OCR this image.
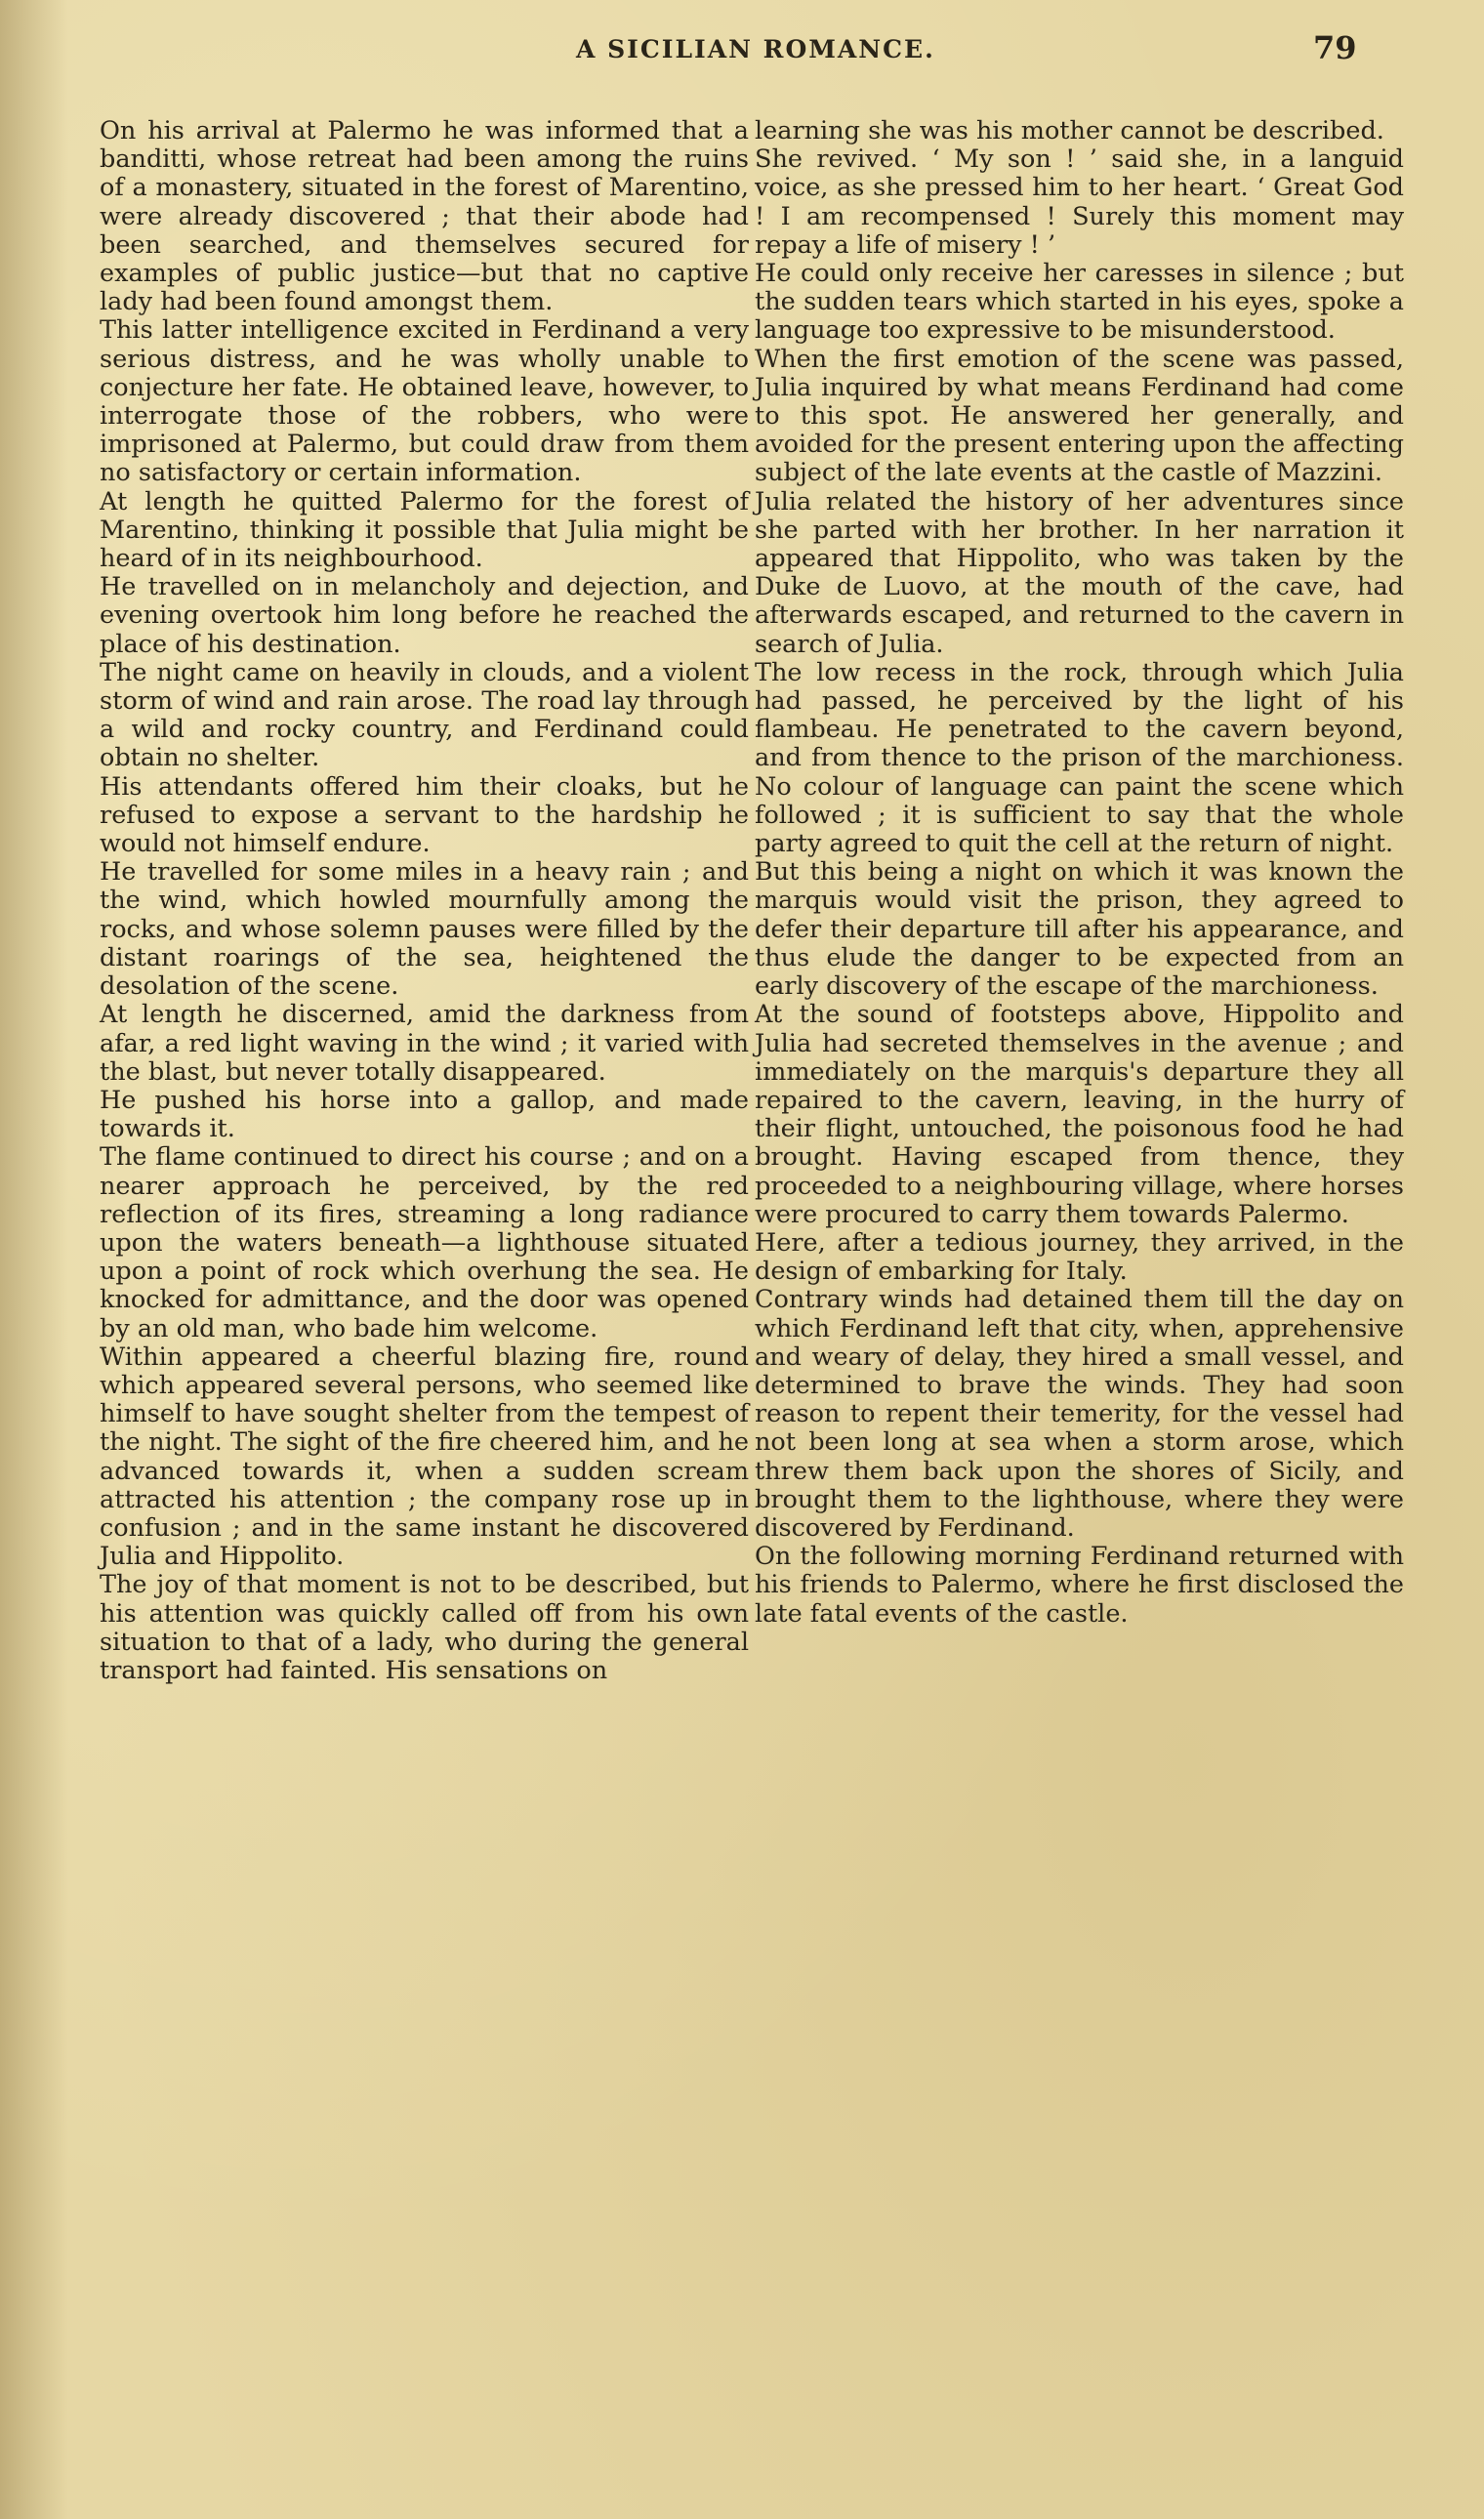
A SICILIAN ROMANCE.	79

On his arrival at Palermo he was informed that a banditti, whose retreat had been among the ruins of a monastery, situated in the forest of Marentino, were already discovered ; that their abode had been searched, and themselves secured for examples of public justice—but that no captive lady had been found amongst them.

This latter intelligence excited in Ferdinand a very serious distress, and he was wholly unable to conjecture her fate. He obtained leave, however, to interrogate those of the robbers, who were imprisoned at Palermo, but could draw from them no satisfactory or certain information.

At length he quitted Palermo for the forest of Marentino, thinking it possible that Julia might be heard of in its neighbourhood.

He travelled on in melancholy and dejection, and evening overtook him long before he reached the place of his destination.

The night came on heavily in clouds, and a violent storm of wind and rain arose. The road lay through a wild and rocky country, and Ferdinand could obtain no shelter.

His attendants offered him their cloaks, but he refused to expose a servant to the hardship he would not himself endure.

He travelled for some miles in a heavy rain ; and the wind, which howled mournfully among the rocks, and whose solemn pauses were filled by the distant roarings of the sea, heightened the desolation of the scene.

At length he discerned, amid the darkness from afar, a red light waving in the wind ; it varied with the blast, but never totally disappeared.

He pushed his horse into a gallop, and made towards it.

The flame continued to direct his course ; and on a nearer approach he perceived, by the red reflection of its fires, streaming a long radiance upon the waters beneath—a lighthouse situated upon a point of rock which overhung the sea. He knocked for admittance, and the door was opened by an old man, who bade him welcome.

Within appeared a cheerful blazing fire, round which appeared several persons, who seemed like himself to have sought shelter from the tempest of the night. The sight of the fire cheered him, and he advanced towards it, when a sudden scream attracted his attention ; the company rose up in confusion ; and in the same instant he discovered Julia and Hippolito.

The joy of that moment is not to be described, but his attention was quickly called off from his own situation to that of a lady, who during the general transport had fainted. His sensations on

learning she was his mother cannot be described.

She revived. ‘ My son ! ’ said she, in a languid voice, as she pressed him to her heart. ‘ Great God ! I am recompensed ! Surely this moment may repay a life of misery ! ’

He could only receive her caresses in silence ; but the sudden tears which started in his eyes, spoke a language too expressive to be misunderstood.

When the first emotion of the scene was passed, Julia inquired by what means Ferdinand had come to this spot. He answered her generally, and avoided for the present entering upon the affecting subject of the late events at the castle of Mazzini.

Julia related the history of her adventures since she parted with her brother. In her narration it appeared that Hippolito, who was taken by the Duke de Luovo, at the mouth of the cave, had afterwards escaped, and returned to the cavern in search of Julia.

The low recess in the rock, through which Julia had passed, he perceived by the light of his flambeau. He penetrated to the cavern beyond, and from thence to the prison of the marchioness. No colour of language can paint the scene which followed ; it is sufficient to say that the whole party agreed to quit the cell at the return of night.

But this being a night on which it was known the marquis would visit the prison, they agreed to defer their departure till after his appearance, and thus elude the danger to be expected from an early discovery of the escape of the marchioness.

At the sound of footsteps above, Hippolito and Julia had secreted themselves in the avenue ; and immediately on the marquis's departure they all repaired to the cavern, leaving, in the hurry of their flight, untouched, the poisonous food he had brought. Having escaped from thence, they proceeded to a neighbouring village, where horses were procured to carry them towards Palermo.

Here, after a tedious journey, they arrived, in the design of embarking for Italy.

Contrary winds had detained them till the day on which Ferdinand left that city, when, apprehensive and weary of delay, they hired a small vessel, and determined to brave the winds. They had soon reason to repent their temerity, for the vessel had not been long at sea when a storm arose, which threw them back upon the shores of Sicily, and brought them to the lighthouse, where they were discovered by Ferdinand.

On the following morning Ferdinand returned with his friends to Palermo, where he first disclosed the late fatal events of the castle.
